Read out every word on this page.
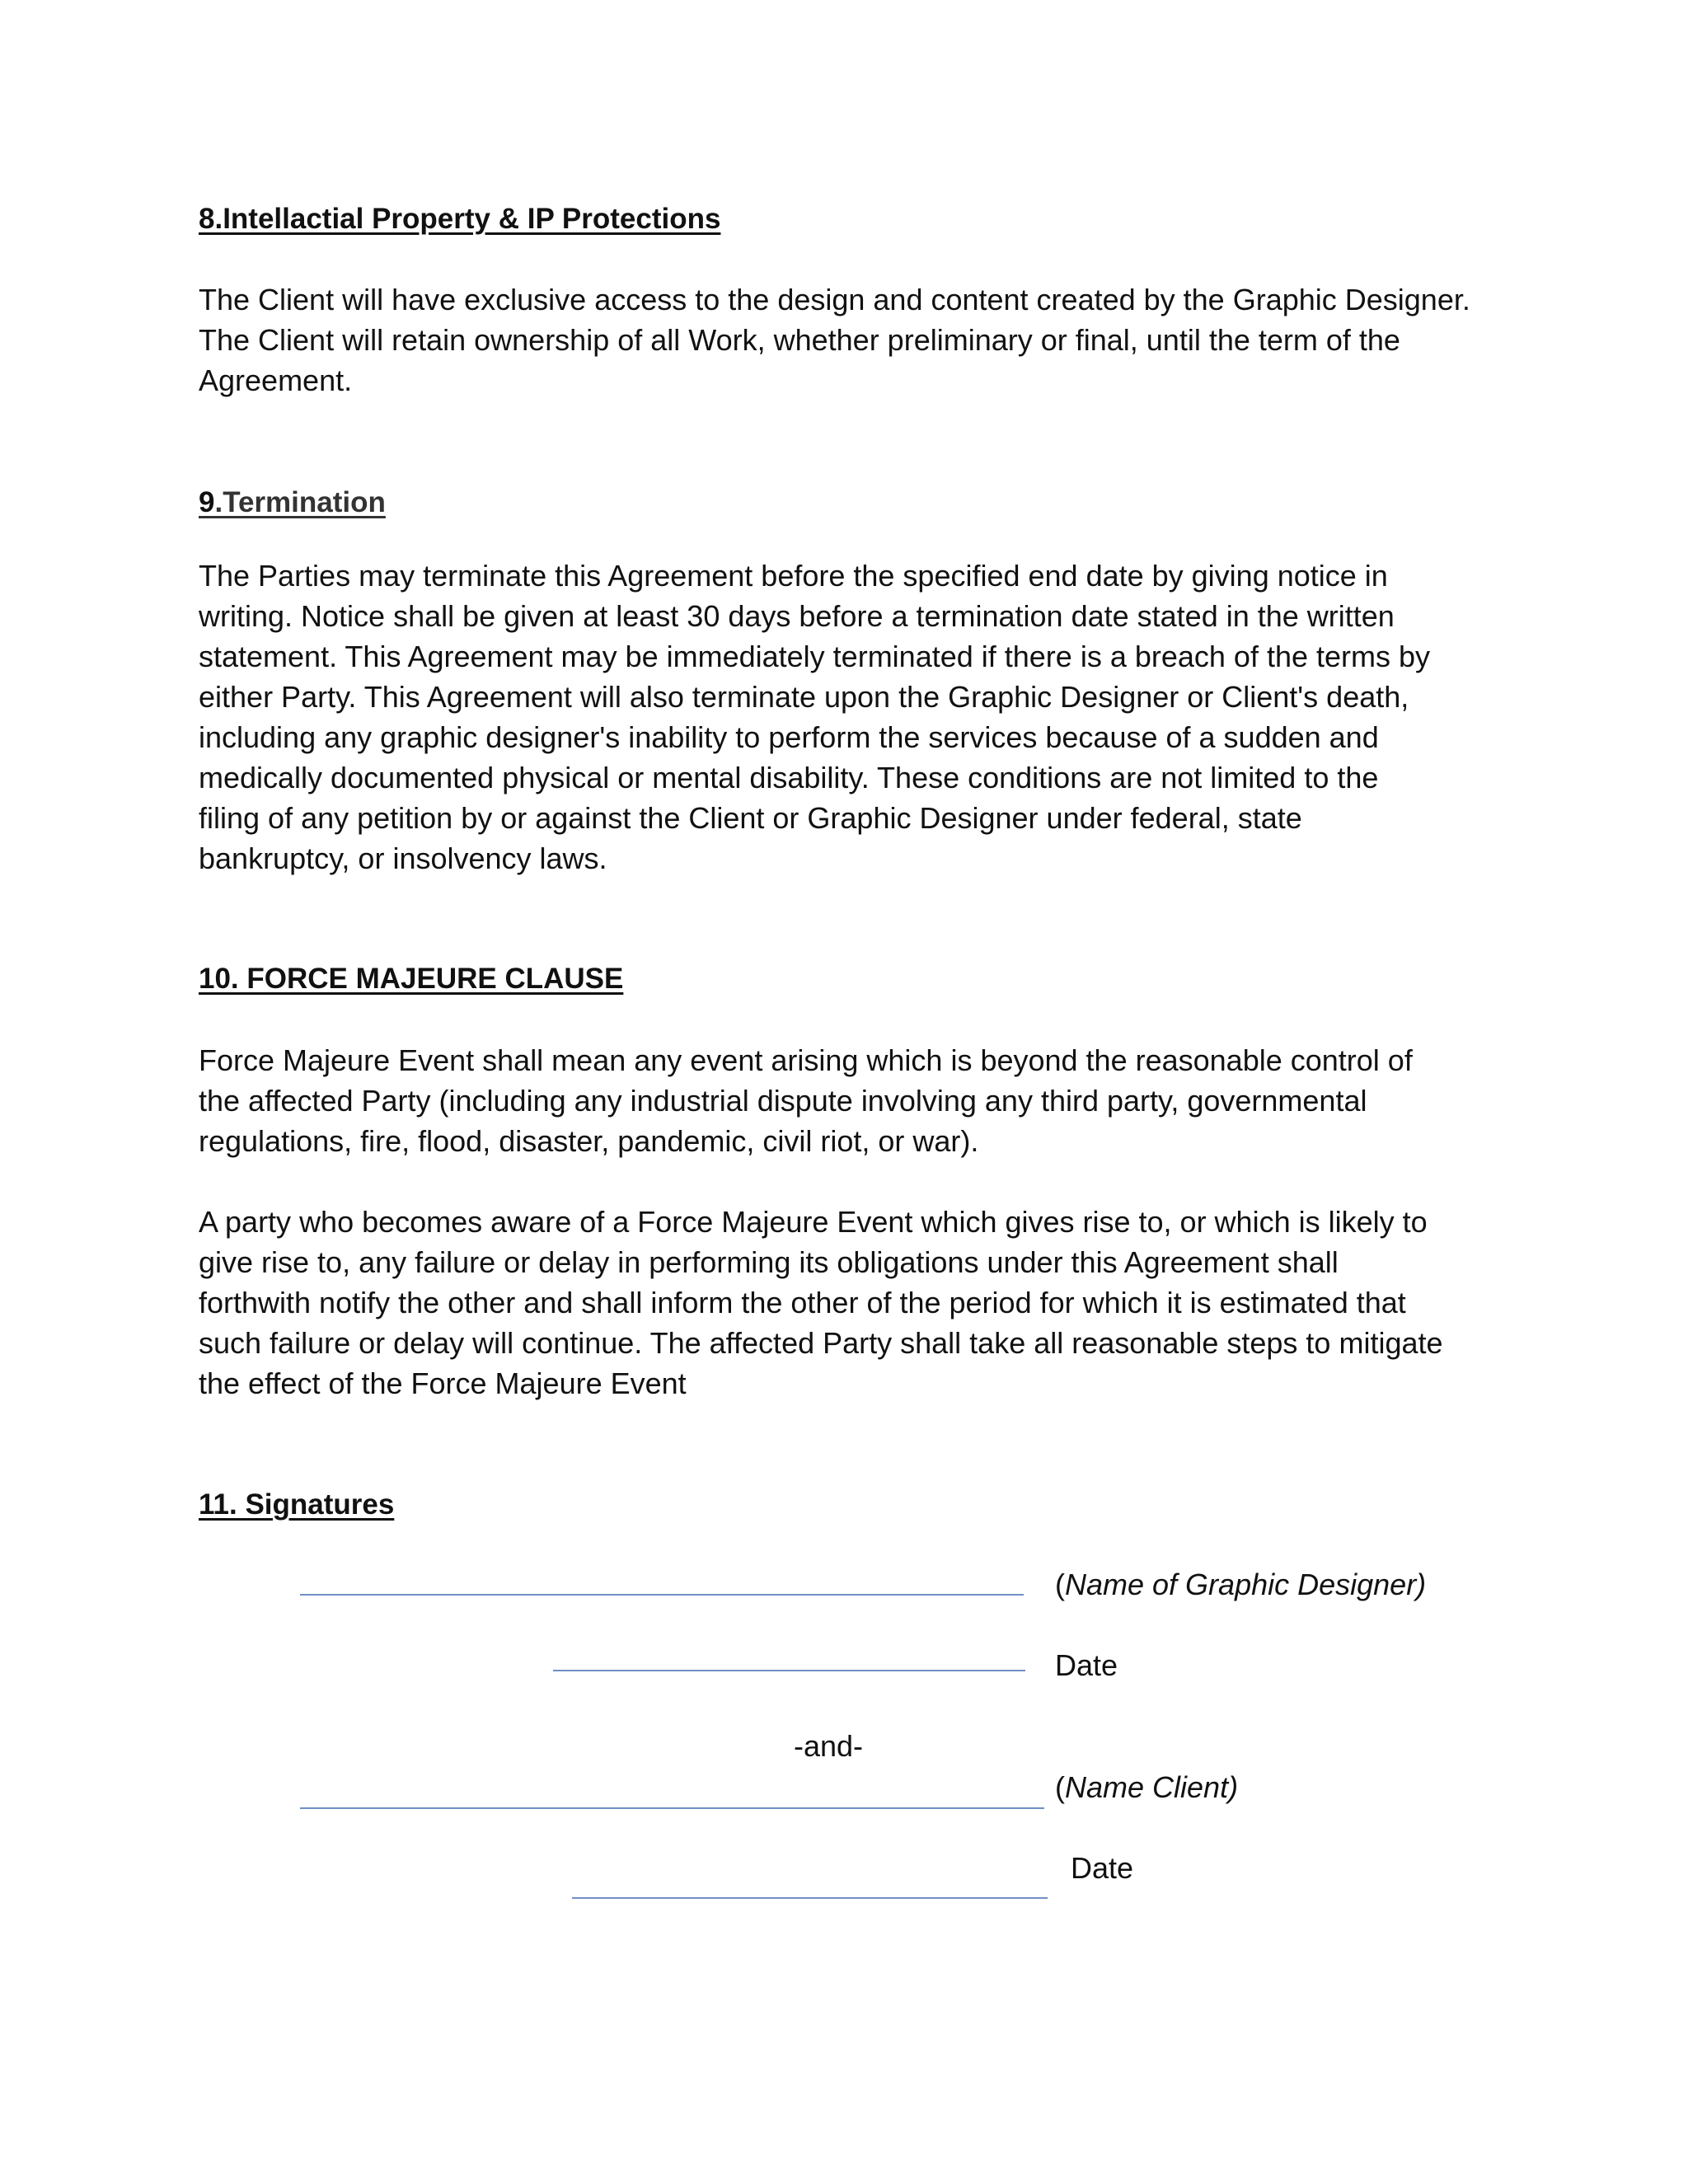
8.Intellactial Property & IP Protections

The Client will have exclusive access to the design and content created by the Graphic Designer.
The Client will retain ownership of all Work, whether preliminary or final, until the term of the
Agreement.

9.Termination

The Parties may terminate this Agreement before the specified end date by giving notice in
writing. Notice shall be given at least 30 days before a termination date stated in the written
statement. This Agreement may be immediately terminated if there is a breach of the terms by
either Party. This Agreement will also terminate upon the Graphic Designer or Client's death,
including any graphic designer's inability to perform the services because of a sudden and
medically documented physical or mental disability. These conditions are not limited to the
filing of any petition by or against the Client or Graphic Designer under federal, state
bankruptcy, or insolvency laws.

10. FORCE MAJEURE CLAUSE

Force Majeure Event shall mean any event arising which is beyond the reasonable control of
the affected Party (including any industrial dispute involving any third party, governmental
regulations, fire, flood, disaster, pandemic, civil riot, or war).

A party who becomes aware of a Force Majeure Event which gives rise to, or which is likely to
give rise to, any failure or delay in performing its obligations under this Agreement shall
forthwith notify the other and shall inform the other of the period for which it is estimated that
such failure or delay will continue. The affected Party shall take all reasonable steps to mitigate
the effect of the Force Majeure Event

11. Signatures
(Name of Graphic Designer)
Date
-and-
(Name Client)
Date
